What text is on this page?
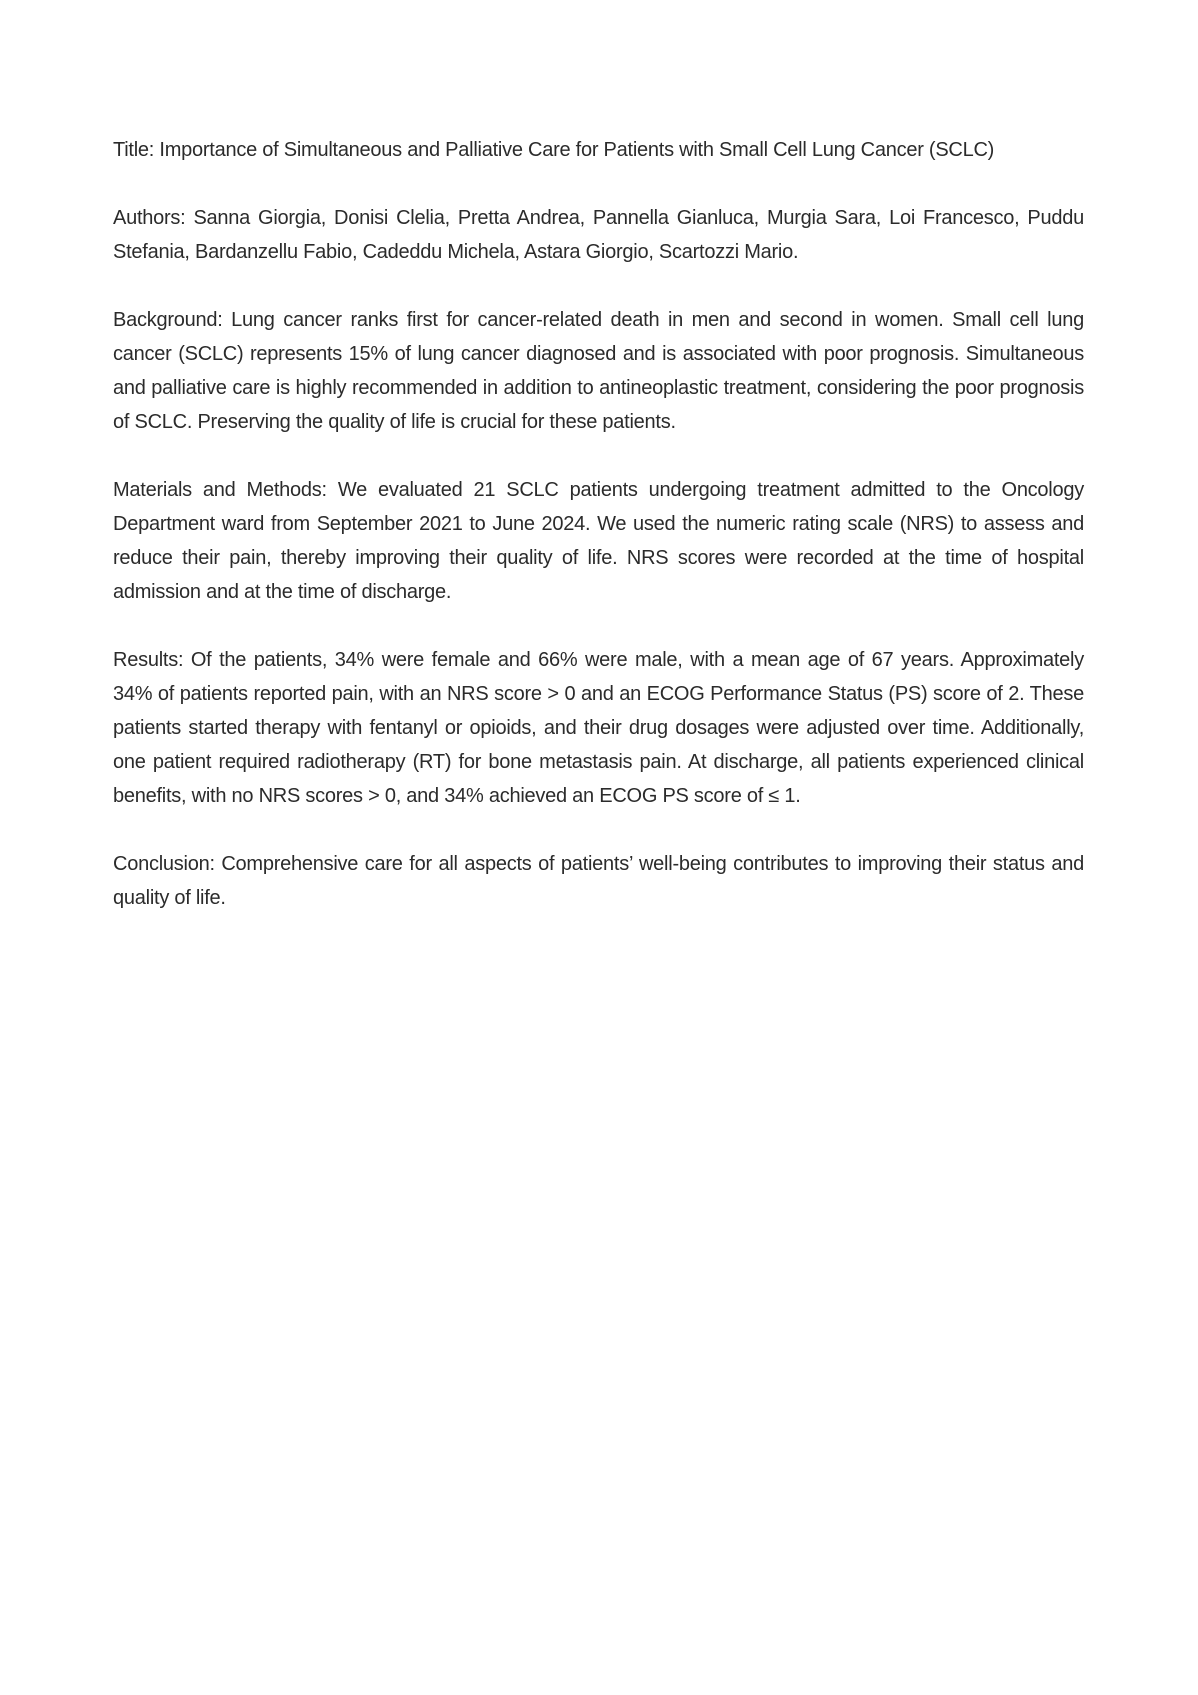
Title: Importance of Simultaneous and Palliative Care for Patients with Small Cell Lung Cancer (SCLC)

Authors: Sanna Giorgia, Donisi Clelia, Pretta Andrea, Pannella Gianluca, Murgia Sara, Loi Francesco, Puddu Stefania, Bardanzellu Fabio, Cadeddu Michela, Astara Giorgio, Scartozzi Mario.

Background: Lung cancer ranks first for cancer-related death in men and second in women. Small cell lung cancer (SCLC) represents 15% of lung cancer diagnosed and is associated with poor prognosis. Simultaneous and palliative care is highly recommended in addition to antineoplastic treatment, considering the poor prognosis of SCLC. Preserving the quality of life is crucial for these patients.

Materials and Methods: We evaluated 21 SCLC patients undergoing treatment admitted to the Oncology Department ward from September 2021 to June 2024. We used the numeric rating scale (NRS) to assess and reduce their pain, thereby improving their quality of life. NRS scores were recorded at the time of hospital admission and at the time of discharge.

Results: Of the patients, 34% were female and 66% were male, with a mean age of 67 years. Approximately 34% of patients reported pain, with an NRS score > 0 and an ECOG Performance Status (PS) score of 2. These patients started therapy with fentanyl or opioids, and their drug dosages were adjusted over time. Additionally, one patient required radiotherapy (RT) for bone metastasis pain. At discharge, all patients experienced clinical benefits, with no NRS scores > 0, and 34% achieved an ECOG PS score of ≤ 1.

Conclusion: Comprehensive care for all aspects of patients’ well-being contributes to improving their status and quality of life.
